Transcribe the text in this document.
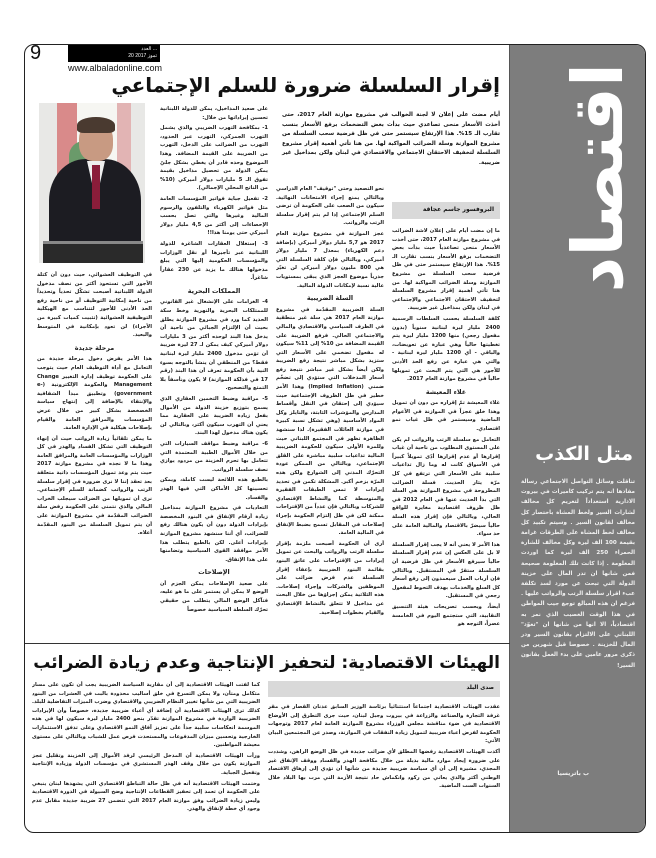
9	العدد ...
20 تموز 2017
www.albaladonline.com	اقتصاد
متل الكذب
تناقلت وسائل التواصل الاجتماعي رسالة مفادها انه يتم تركيب كاميرات في بيروت الادارية استعداداً لتغريم كل مخالف لشارات السير ولخط المشاة باختصار كل مخالف لقانون السير . وسيتم تكبيد كل مخالف لخط المشاة على الطرقات غرامة بقيمة 100 الف ليرة وكل مخالف للشارة الحمراء 250 الف ليرة كما اوردت المعلومة . إذا كانت تلك المعلومة صحيحة فمن شانها ان تدر المال على خزينة الدولة التي تبحث عن مورد لسد تكلفة عبء اقرار سلسلة الرتب والرواتب عليها . فرغم ان هذه المبالغ توجع جيب المواطن في هذا الوقت العصيب الذي نمر به اقتصادياً، الا انها من شانها ان "تعوّد" اللبناني على الالتزام بقانون السير ودر المال للخزينة . خصوصا قبل شهرين من ذكرى مرور عامين على بدء العمل بقانون السير!
ب باتريسيا
إقرار السلسلة ضرورة للسلم الإجتماعي
أيام مضت على إعلان لا لجنة الخوالب في مشروع موازنة العام 2017، حتى أخذت الأسعار منحى تصاعدي حيث بدأت بعض التضخمات برفع الأسعار بنسب تقارب الـ 15%. هذا الإرتفاع سيستمر حتى في ظل فرضية سحب السلسلة من مشروع الموازنة وسلة الضرائب المواكبة لها. من هنا تأتي أهمية إقرار مشروع السلسلة لتخفيف الاحتقان الاجتماعي والاقتصادي في لبنان ولكن بمداخيل غير ضريبية.
البروفسور جاسم عجاقة

ما إن مضت أيام على إعلان لاشة الضرائب في مشروع موازنة العام 2017، حتى أخذت الأسعار منحى تصاعدياً حيث بدأت بعض التضخمات برفع الأسعار بنسب تقارب الـ 15%. هذا الإرتفاع سيستمر حتى في ظل فرضية سحب السلسلة من مشروع الموازنة وسلة الضرائب المواكبة لها. من هنا تأتي أهمية إقرار مشروع السلسلة لتخفيف الاحتقان الاجتماعي والإجتماعي في لبنان ولكن بمداخيل غير ضريبية.

كلفة السلسلة بحسب السلطات الرسمية 2400 مليار ليرة لبنانية سنوياً (بدون مفعول رجعي) منها 1200 مليار ليرة يتم تغطيتها حالياً وهي عبارة عن تعويضات، والباقي - أي 1200 مليار ليرة لبنانية - والتي هي عبارة عن رفع الحد الأدنى للأجور هي التي يتم البحث عن تمويلها حالياً في مشروع موازنة العام 2017.

غلاء المعيشة

غلاء المعيشة تمّ إقراره من دون أن تمويل وهذا خلق عجزاً في الموازنة في الأعوام الماضية وسيستمر في ظل غياب نمو اقتصادي.

التعامل مع سلسلة الرتب والرواتب لم يكن على المستوى المطلوب من ناحية أن غياب إقرارها أو عدم إقرارها أدّى تمويلاً كبيراً في الأسواق كانت له وما زال تداعيات سلبية على الأسعار التي ترتفع في كل مرّة يثار الحديث. فسلة الضرائب المطروحة في مشروع الموازنة هي السلة التي بدأ الحديث عنها في العام 2012 في ظل ظروف اقتصادية مغايرة للواقع الحالي، وبالتالي فإن إقرار هذه السلة حالياً سيضرّ بالاقتصاد والمالية العامة على حد سواء.

هذا الأمر لا يعني أنه لا يجب إقرار السلسلة لا بل على العكس إن عدم إقرار السلسلة حالياً سيرفع الأسعار في ظل فرضية أن السلسلة ستقرّ في المستقبل. وبالتالي فإن أرباب العمل سيعمدون إلى رفع أسعار كل السلع والخدمات بهدف التحوط لمفعول رجعي في المستقبل.

أيضاً، وبحسب تصريحات هيئة التنسيق النقابية، التي ستجتمع اليوم في الخامسة عصراً، التوجه هو

نحو التصعيد وحتى "توقيف" العام الدراسي وبالتالي يمنع إجراء الامتحانات النهائية. سيكون من الصعب على الحكومة أن ترضى السلم الإجتماعي إذا لم يتم إقرار سلسلة الرتب والرواتب.

عجز الموازنة في مشروع موازنة العام 2017 هو 5,7 مليار دولار أميركي (بإضافة دعم الكهرباء) بمعدل 7 مليار دولار أميركي، وبالتالي فإن كلفة السلسلة التي هي 800 مليون دولار أميركي لن تغيّر جذرياً موضوع العجز الذي يبقى بمستويات عالية نسبة لإمكانات الدولة المالية.

السلة الضريبية

السلة الضريبية المقدّمة في مشروع موازنة العام 2017 هي سلة غير منطقية في الظرف السياسي والاقتصادي والمالي والاجتماعي الحالي. فرفع الضريبة على القيمة المضافة من 10% إلى 11% سيكون له مفعول تضخمي على الأسعار التي ستزيد بشكل مباشر نتيجة رفع الضريبة ولكن أيضاً بشكل غير مباشر نتيجة رفع أسعار المدخلات التي ستؤدي إلى تضخّم ضمني (Implied Inflation) وهذا الأمر خطير في ظل الظروف الإجتماعية حيث سيؤدي إلى إحتقان في النقل وأقساط المدارس والمؤشرات الثابتة، والنايلز وكل المواد الأساسية (وهي تشكل نسبة كبيرة في موازنة العائلات الفقيرة). لذا سنشهد الظاهرة تظهر في المجتمع اللبناني حيث وللمرة الأولى سيكون للحكومة الضريبية المالية تداعيات سلبية مباشرة على القلق الإجتماعي، وبالتالي من الممكن عودة التحرّك المدني إلى الشوارع ولكن هذه المرّة بزخم أكبر. المشكلة تكمن في تحديد إيرادات لا تمس الطبقات الفقيرة والمتوسطة كما والنشاط الإقتصادي للشركات وبالتالي فإن عدداً من الإقتراحات ممكنة لكن في ظل إلتزام الحكومة بإجراء إصلاحات في المقابل تسمح بضبط الإنفاق في المالية العامة.

أرى أن الحكومة أصبحت ملزمة بإقرار سلسلة الرتب والرواتب والبحث عن تمويل إيرادات من الإقتراحات على عاتق البنود بقائمة البنود الضريبية بإعفاء إقرار السلسلة عدم فرض ضرائب على الموظفين والشركات وإجراء إصلاحات. هذه الثلاثية يمكن إجراؤها من خلال البحث عن مداخيل لا تتعلق بالنشاط الإقتصادي والقيام بخطوات إصلاحية.

على صعيد المداخيل، يمكن للدولة اللبنانية تحسين إيراداتها من خلال:

1- بمكافحة التهرب الضريبي والذي يشمل التهرب الجمركي، التهرب عبر الحدود، التهرب من الضرائب على الدخل، التهرب من الضريبة على القيمة المضافة. وهذا الموضوع وحده قادر أن يغطي بشكل جليّ يمكن الدولة من تحصيل مداخيل بقيمة تفوق الـ 5 مليارات دولار أميركي (10% من الناتج المحلي الإجمالي).

2- تفعيل جباية فواتير المؤسسات العامة مثل فواتير الكهرباء والتلفون والرسوم المالية وغيرها والتي تصل بحسب الإحصاءات إلى أكثر من 4,5 مليار دولار أميركي حتى يومنا هذا!!

3- إستغلال العقارات الشاغرة للدولة اللبنانية عبر تأجيرها أو نقل الوزارات والمؤسسات الحكومية إليها التي يبلغ مدخولها هنالك ما يزيد عن 230 عقاراً شاغراً.

المملكات البحرية

4- الغرامات على الإنشغال غير القانوني للممتلكات البحرية والنهرية وخط سكة الحديد كما ورد في مشروع الموازنة يطلق بحيث أن الإلتزام الجبائي من ناحية أن يدخل هذا البند لوحده أكثر من 3 مليارات دولار أميركي كيف يمكن لـ 27 ليرة ضريبة أن تؤمن مدخول 2400 مليار ليرة لبنانية فقط؟ من المنطقي أن ينشأ بالتوجه بسوء النية بأن الحكومة تعرف أن هذا البند (رقم 17 في فذلكة الموازنة) لا يكون ونأسفاً بلا التمتع والتصحيح.

5- مراقبة وضبط التخمين العقاري الذي يسمح بتوزيع خزينة الدولة من الأموال بفعل زيادة الضريبة على العقارية مما يعني أن التهرب سيكون أكثر، وبالتالي لن يكون هناك مدخول لهذا البند.

6- مراقبة وضبط مواقف السيارات التي من خلال الأموال الطبية المعتمدة التي تتعامل بها تحرم الخزينة من مردود يوازي نصف سلسلة الرواتب.

بالطبع هذه اللائحة ليست كاملة، ويمكن تحسينها كل الأماكن التي فيها الهدر والفساد.

التعاديات في مشروع الموازنة بمداخيل زيادة أرقام الإنفاق في البنود المخصصة بإيرادات الدولة دون أن يكون هنالك رفع للضرائب، أي أننا سنشهد مشروع الموازنة بإيرادات أعلى. لكن بالطبع يتطلب هذا الأمر موافقة القوى السياسية وتضامنها على هذا الإتفاق.

الإصلاحات

على صعيد الإصلاحات يمكن الجزم أن الوضع لا يمكن أن يستمر على ما هو عليه، فتآكل الوضع المالي يتطلب من حقيقي تحرّك السلطة السياسية خصوصاً

في التوظيف العشوائي، حيث دون أن كتلة الأجور التي تستحوذ أكثر من نصف مدخول الدولة اللبنانية أصبحت تشكّل تحدياً وتحديداً من ناحية إمكانية التوظيف أو من ناحية رفع الحد الأدنى للأجور لتتناسب مع الهيكلية التوظيفية العشوائية (تثبيت كميات كبيرة من الأجراء) لن تعود بإمكانية في المتوسط والبعيد.

مرحلة جديدة

هذا الأمر يفرض دخول مرحلة جديدة من التعامل مع أداة التوظيف العام حيث يتوجب على الحكومة توظيف إدارة التغيير Change Management والحكومة الإلكترونية (e-government) وتطبيق مبدأ الشفافية والإنتقاء بالإضافة إلى إنتهاج سياسة الخصخصة بشكل كبير من خلال عرض المؤسسات والمرافق العامة والقيام بإصلاحات هيكلية في الإدارة العامة.

ما يمكن تلقائياً زيادة الرواتب حيث أن إنهاء التوظيف التي تشكل الفساد والهدر في كل الوزارات والمؤسسات العامة والمرافق العامة وهذا ما لا نجده في مشروع موازنة 2017 حيث يتم وعد تمويل المؤسسات ذاتية متعلقة بعد تعقد إننا لا نرى ضرورة في إقرار سلسلة الرتب والرواتب كضمانة للسلم الإجتماعي. نرى أن تمويلها من الضرائب سيجلب الخراب المالي والذي نتمنى على الحكومة رفض سلة الضرائب المقدّمة في مشروع الموازنة على أن يتم تمويل السلسلة من البنود المقدّمة أعلاه.

الهيئات الاقتصادية: لتحفيز الإنتاجية وعدم زيادة الضرائب
صدى البلد

عقدت الهيئات الاقتصادية اجتماعاً استثنائياً برئاسة الوزير السابق عدنان القصار في مقر غرفة التجارة والصناعة والزراعة في بيروت وجبل لبنان، حيث جرى التطرق إلى الأوضاع الاقتصادية في ضوء مناقشة مجلس الوزراء مشروع الموازنة العامة لعام 2017 وتوجهات الحكومة لفرض أعباء ضريبية لتمويل زيادة النفقات في الموازنة، وصدر عن المجتمعين البيان الآتي:

أكدت الهيئات الاقتصادية رفضها المطلق لأي ضرائب جديدة في ظل الوضع الراهن، وشددت على ضرورة إيجاد موارد مالية بديلة من خلال مكافحة الهدر والفساد ووقف الإنفاق غير المجدي، مشيرة إلى أن أي سياسة ضريبية جديدة من شأنها أن تؤدي إلى إرهاق الاقتصاد الوطني أكثر والذي يعاني من ركود وانكماش حاد نتيجة الأزمة التي مرت بها البلاد خلال السنوات الست الماضية.

كما لفتت الهيئات الاقتصادية إلى أن مقاربة السياسة الضريبية يجب أن تكون على مسار متكامل ومتأن، ولا يمكن التسرع في خلق أساليب محدودة بالبت في العشرات من البنود الضريبية التي من شأنها تغيير النظام الضريبي والاقتصادي وضرب الميزات التفاضلية للبلد. كذلك ترى الهيئات الاقتصادية أن إضافة أي أعباء ضريبية جديدة، خصوصاً وأن الإيرادات الضريبية الواردة في مشروع الموازنة تقدّر بنحو 2400 مليار ليرة سيكون لها في هذه الموسمة انعكاسات سلبية جداً على تعزيز آفاق النمو الاقتصادي وعلى تدفق الاستثمارات الخارجية وتحسين ميزان المدفوعات والمستحدث فرص عمل للشباب وبالتالي على مستوى معيشة المواطنين.

ورأت الهيئات الاقتصادية أن المدخل الرئيسي لرفد الأموال إلى الخزينة وتقليل عجز الموازنة يكون من خلال وقف الهدر المستشري في مؤسسات الدولة وزيادة الإنتاجية وتفعيل الجباية.

وختمت الهيئات الاقتصادية أنه في ظل حالة التباطؤ الاقتصادي التي يشهدها لبنان ينبغي على الحكومة أن تعمد إلى تحفيز القطاعات الإنتاجية وضخ السيولة في الدورة الاقتصادية وليس زيادة الضرائب وفق موازنة العام 2017 التي تتضمن 27 ضريبة جديدة مقابل عدم وجود أي خطة لإنفاق والهدر.
